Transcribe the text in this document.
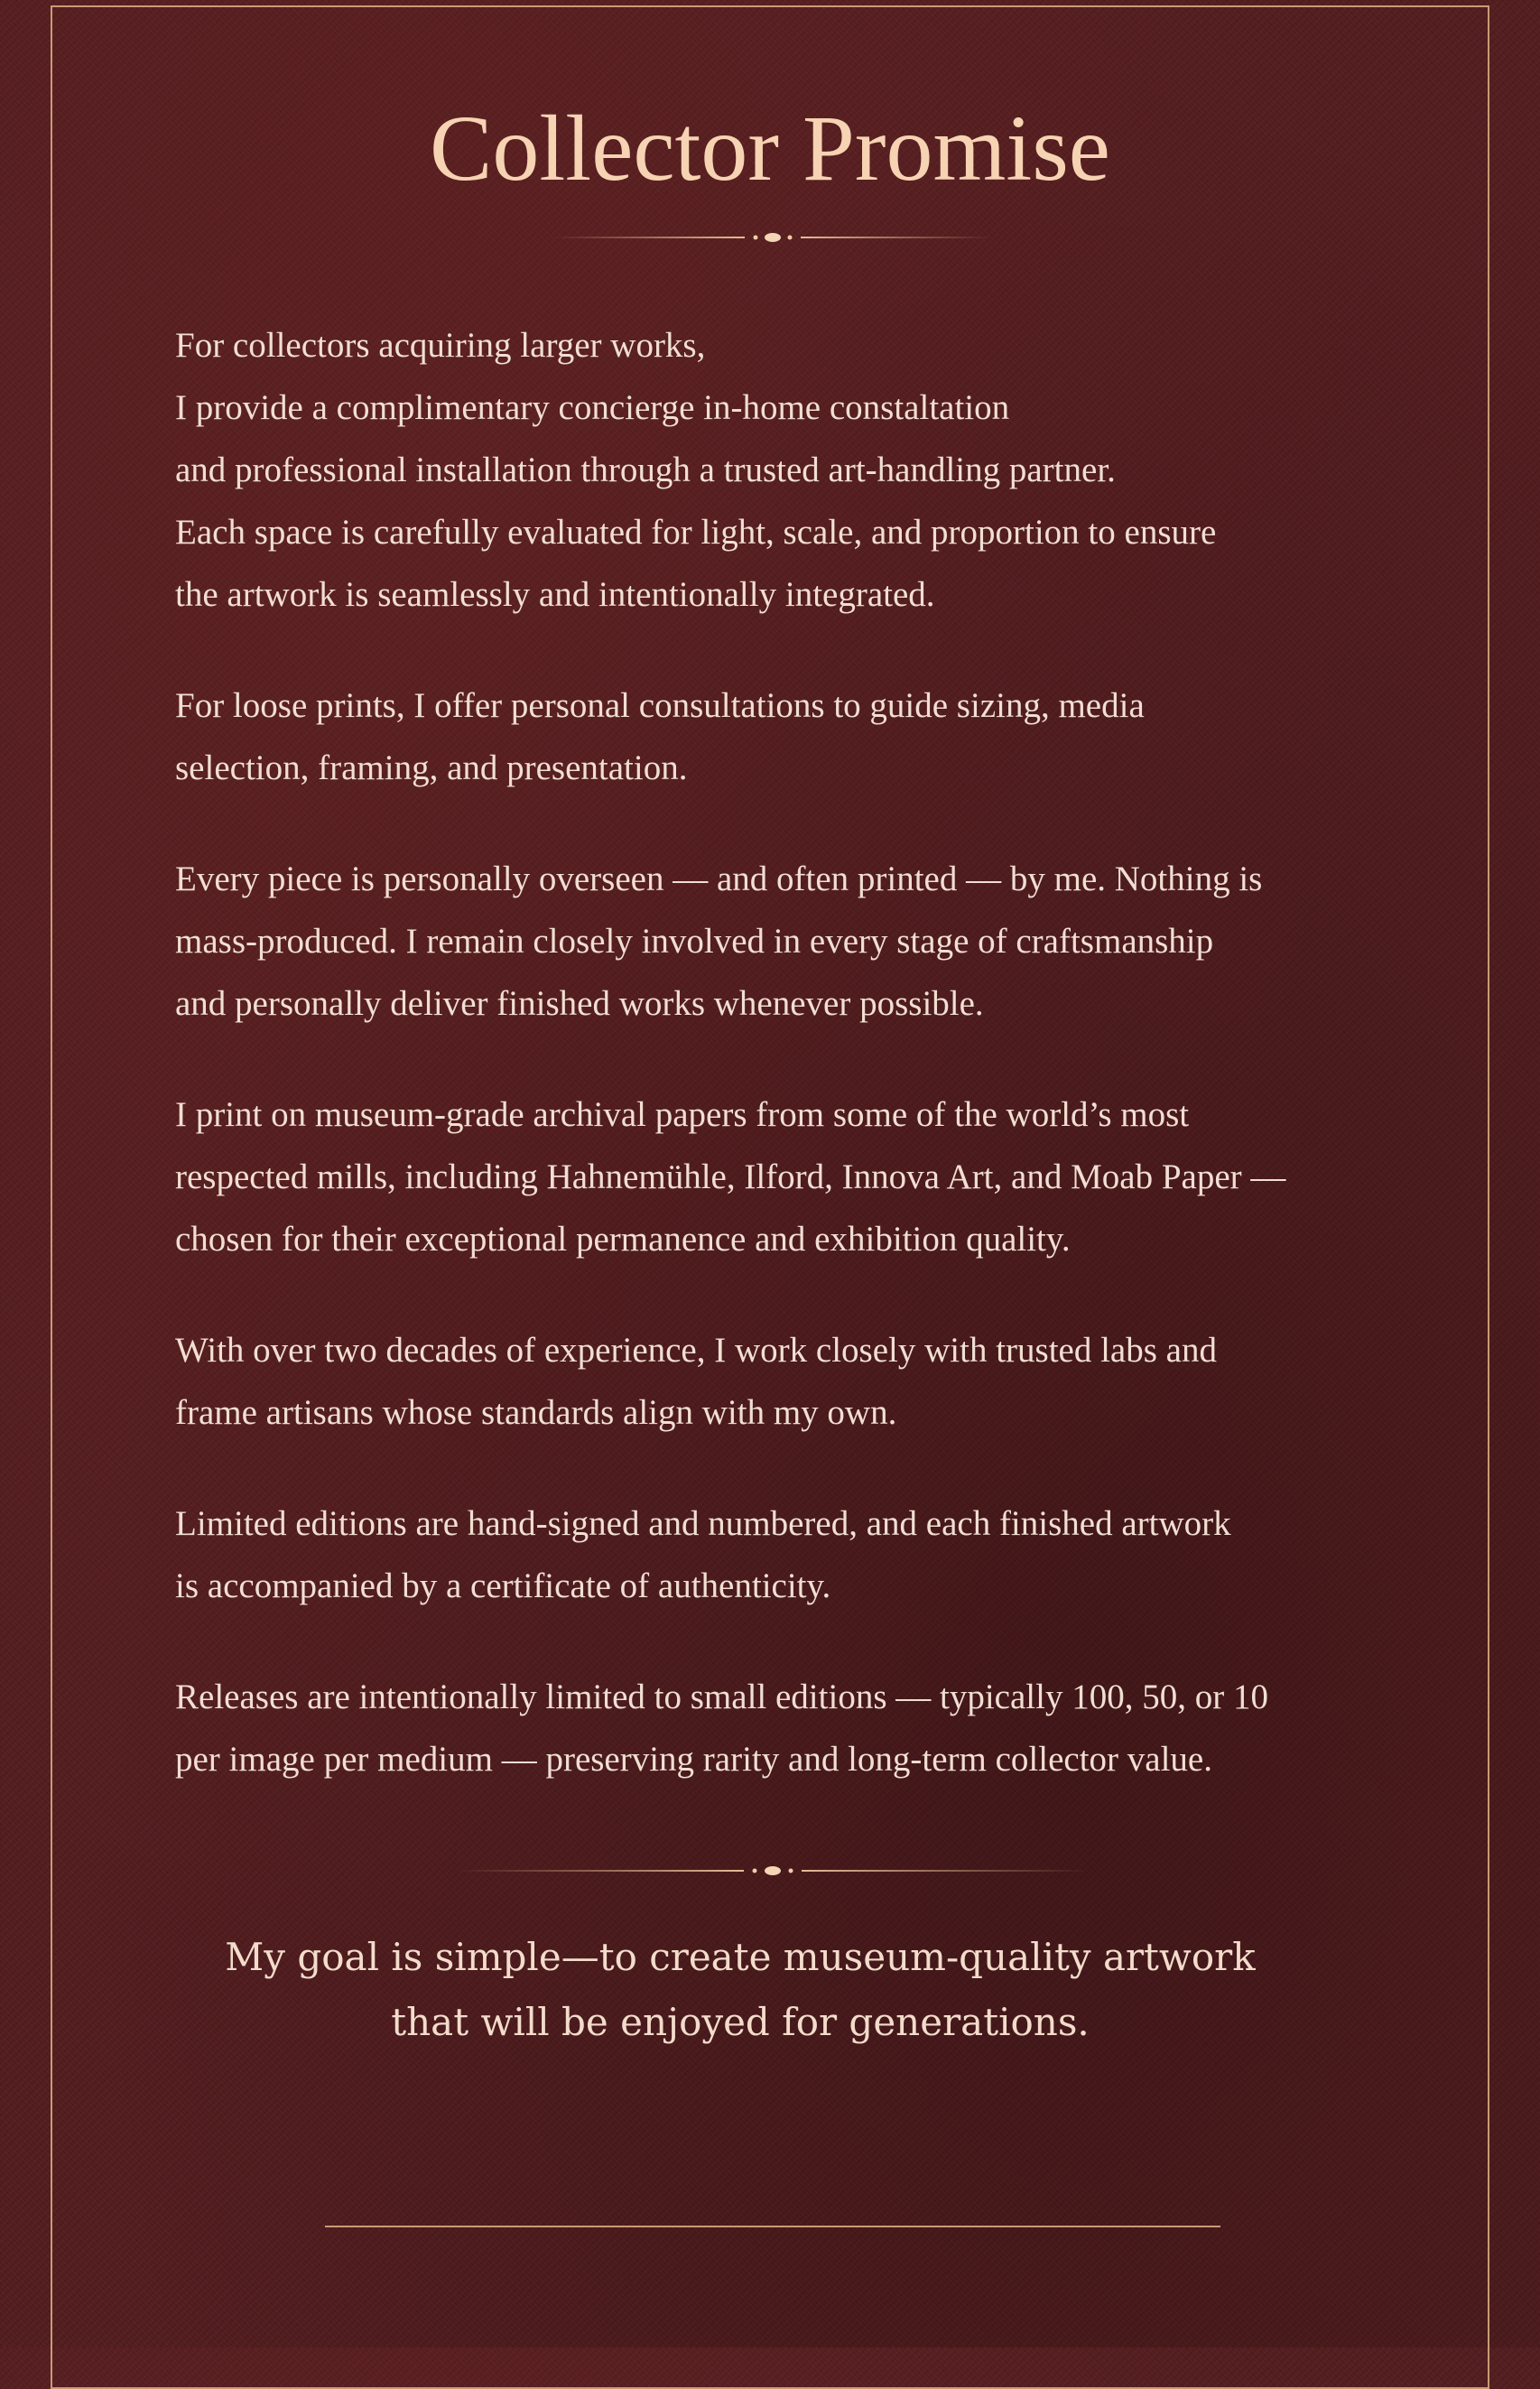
Collector Promise

For collectors acquiring larger works,
I provide a complimentary concierge in-home constaltation
and professional installation through a trusted art-handling partner.
Each space is carefully evaluated for light, scale, and proportion to ensure
the artwork is seamlessly and intentionally integrated.

For loose prints, I offer personal consultations to guide sizing, media
selection, framing, and presentation.

Every piece is personally overseen — and often printed — by me. Nothing is
mass-produced. I remain closely involved in every stage of craftsmanship
and personally deliver finished works whenever possible.

I print on museum-grade archival papers from some of the world’s most
respected mills, including Hahnemühle, Ilford, Innova Art, and Moab Paper —
chosen for their exceptional permanence and exhibition quality.

With over two decades of experience, I work closely with trusted labs and
frame artisans whose standards align with my own.

Limited editions are hand-signed and numbered, and each finished artwork
is accompanied by a certificate of authenticity.

Releases are intentionally limited to small editions — typically 100, 50, or 10
per image per medium — preserving rarity and long-term collector value.

My goal is simple—to create museum-quality artwork
that will be enjoyed for generations.
